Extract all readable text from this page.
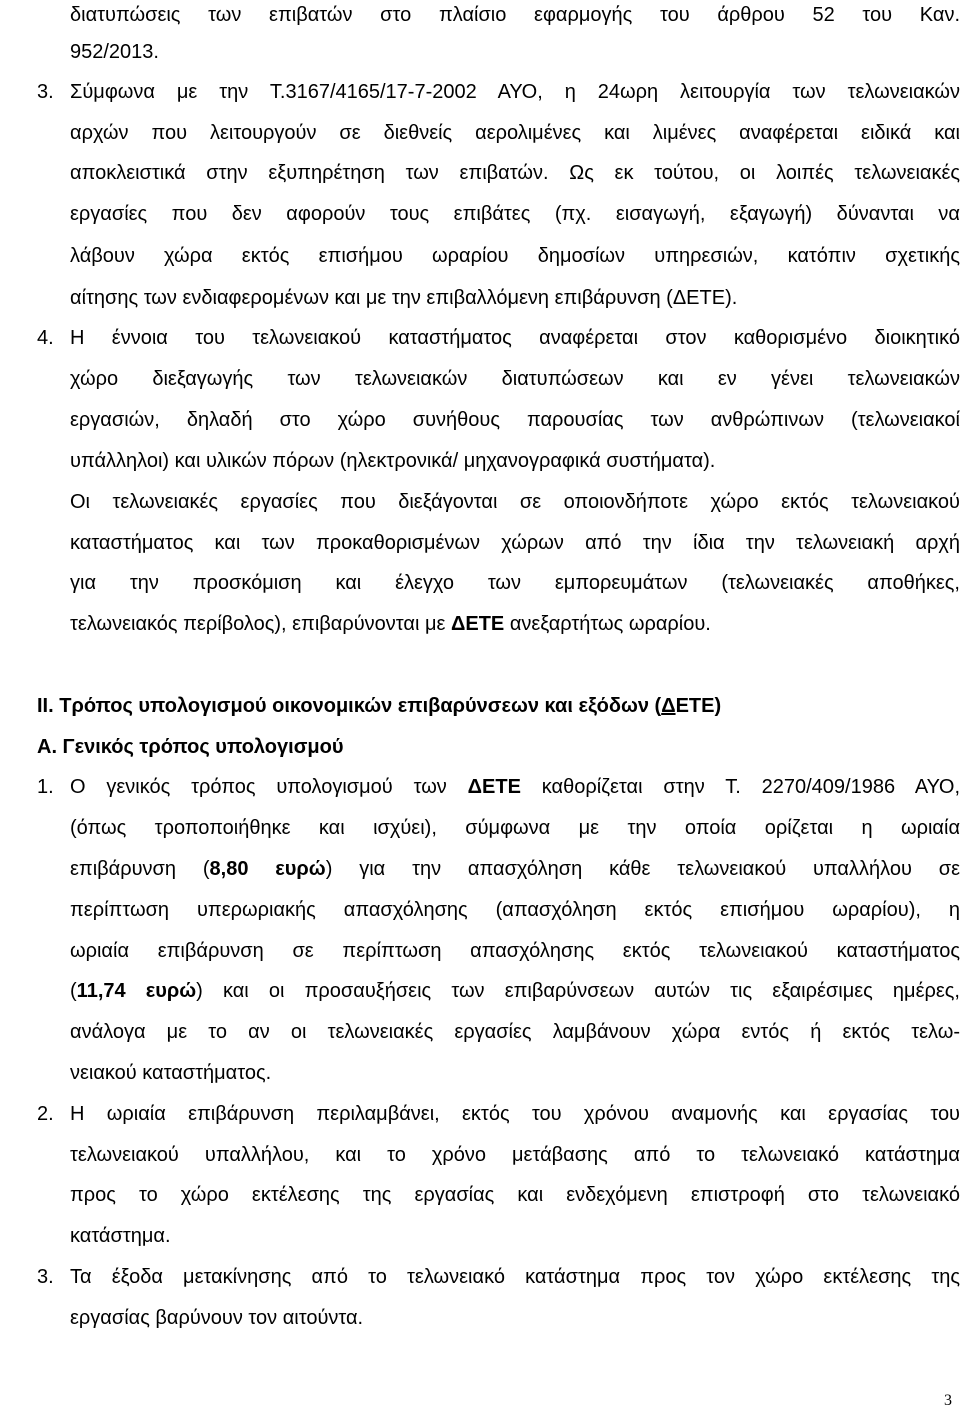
διατυπώσεις των επιβατών στο πλαίσιο εφαρμογής του άρθρου 52 του Καν.
952/2013.
3. Σύμφωνα με την Τ.3167/4165/17-7-2002 ΑΥΟ, η 24ωρη λειτουργία των τελωνειακών
αρχών που λειτουργούν σε διεθνείς αερολιμένες και λιμένες αναφέρεται ειδικά και
αποκλειστικά στην εξυπηρέτηση των επιβατών. Ως εκ τούτου, οι λοιπές τελωνειακές
εργασίες που δεν αφορούν τους επιβάτες (πχ. εισαγωγή, εξαγωγή) δύνανται να
λάβουν χώρα εκτός επισήμου ωραρίου δημοσίων υπηρεσιών, κατόπιν σχετικής
αίτησης των ενδιαφερομένων και με την επιβαλλόμενη επιβάρυνση (ΔΕΤΕ).
4. Η έννοια του τελωνειακού καταστήματος αναφέρεται στον καθορισμένο διοικητικό
χώρο διεξαγωγής των τελωνειακών διατυπώσεων και εν γένει τελωνειακών
εργασιών, δηλαδή στο χώρο συνήθους παρουσίας των ανθρώπινων (τελωνειακοί
υπάλληλοι) και υλικών πόρων (ηλεκτρονικά/ μηχανογραφικά συστήματα).
Οι τελωνειακές εργασίες που διεξάγονται σε οποιονδήποτε χώρο εκτός τελωνειακού
καταστήματος και των προκαθορισμένων χώρων από την ίδια την τελωνειακή αρχή
για την προσκόμιση και έλεγχο των εμπορευμάτων (τελωνειακές αποθήκες,
τελωνειακός περίβολος), επιβαρύνονται με ΔΕΤΕ ανεξαρτήτως ωραρίου.
ΙΙ. Τρόπος υπολογισμού οικονομικών επιβαρύνσεων και εξόδων (ΔΕΤΕ)
Α. Γενικός τρόπος υπολογισμού
1. Ο γενικός τρόπος υπολογισμού των ΔΕΤΕ καθορίζεται στην Τ. 2270/409/1986 ΑΥΟ,
(όπως τροποποιήθηκε και ισχύει), σύμφωνα με την οποία ορίζεται η ωριαία
επιβάρυνση (8,80 ευρώ) για την απασχόληση κάθε τελωνειακού υπαλλήλου σε
περίπτωση υπερωριακής απασχόλησης (απασχόληση εκτός επισήμου ωραρίου), η
ωριαία επιβάρυνση σε περίπτωση απασχόλησης εκτός τελωνειακού καταστήματος
(11,74 ευρώ) και οι προσαυξήσεις των επιβαρύνσεων αυτών τις εξαιρέσιμες ημέρες,
ανάλογα με το αν οι τελωνειακές εργασίες λαμβάνουν χώρα εντός ή εκτός τελω-
νειακού καταστήματος.
2. Η ωριαία επιβάρυνση περιλαμβάνει, εκτός του χρόνου αναμονής και εργασίας του
τελωνειακού υπαλλήλου, και το χρόνο μετάβασης από το τελωνειακό κατάστημα
προς το χώρο εκτέλεσης της εργασίας και ενδεχόμενη επιστροφή στο τελωνειακό
κατάστημα.
3. Τα έξοδα μετακίνησης από το τελωνειακό κατάστημα προς τον χώρο εκτέλεσης της
εργασίας βαρύνουν τον αιτούντα.
3
